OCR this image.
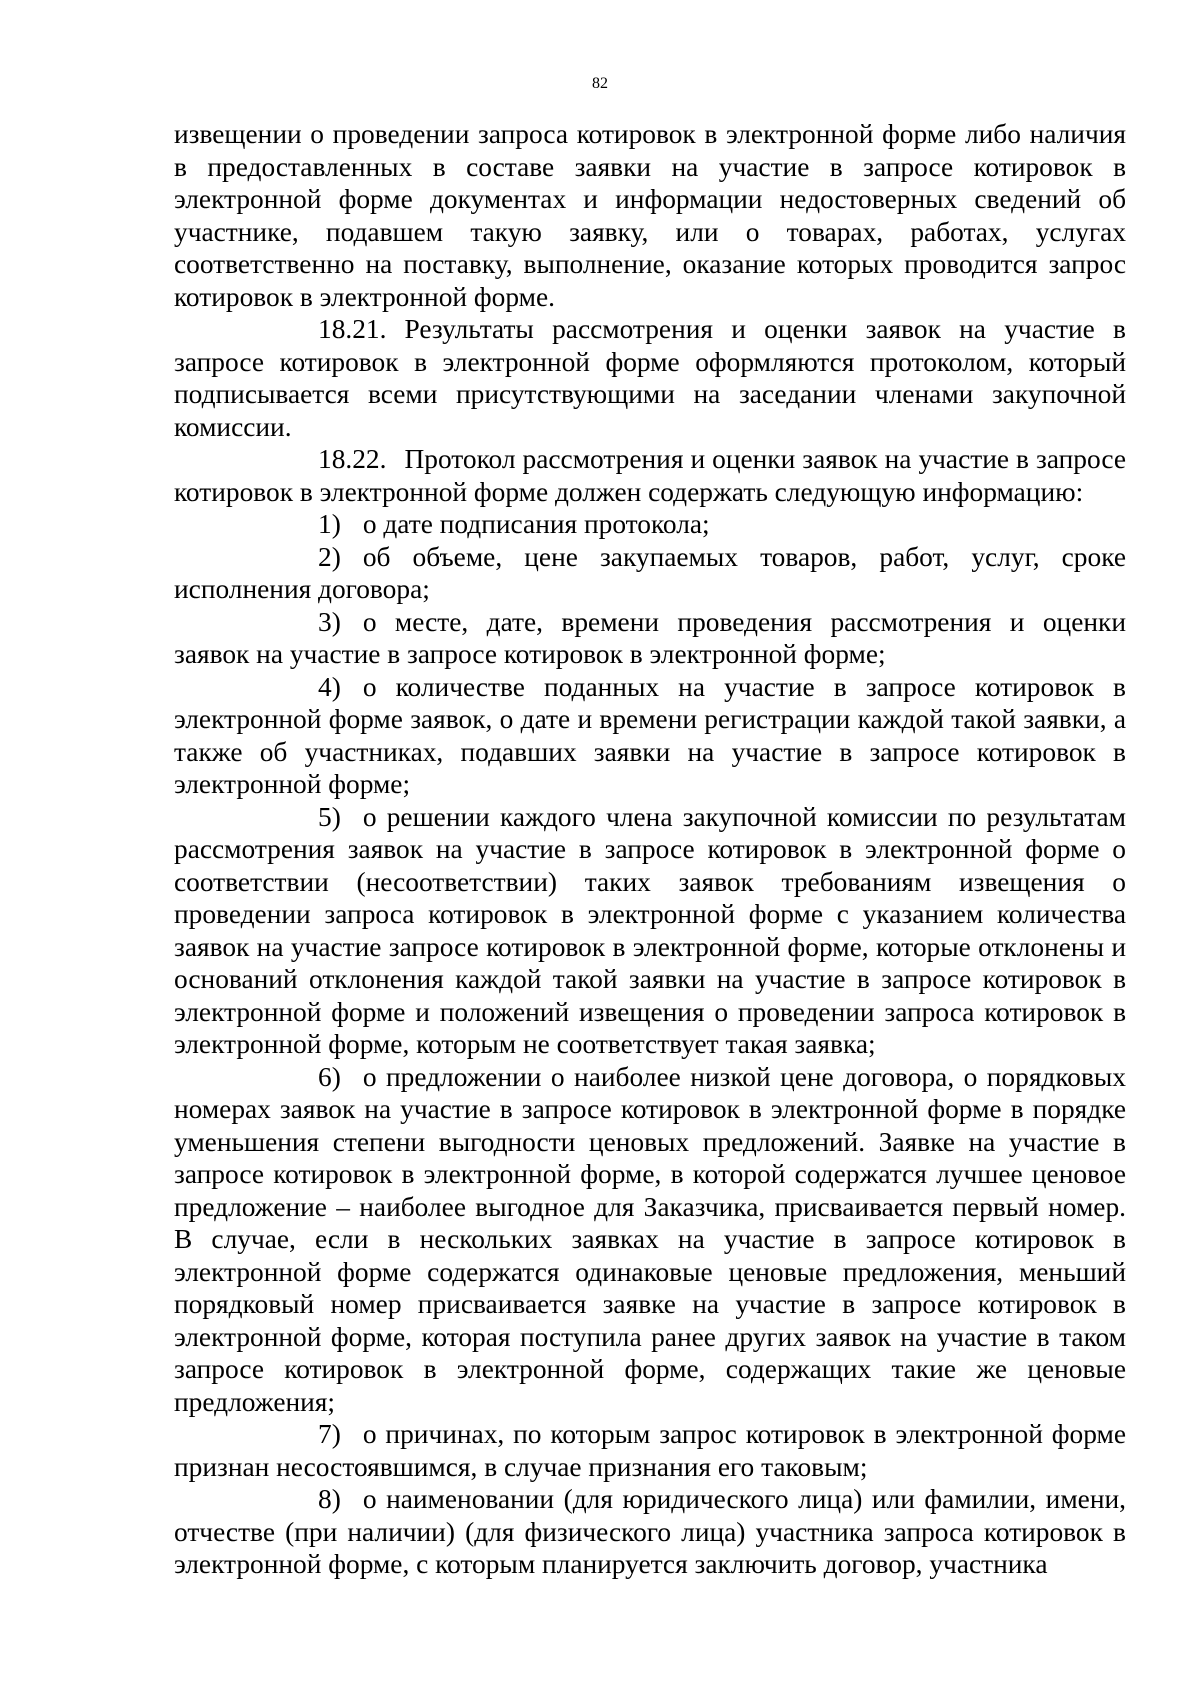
82

извещении о проведении запроса котировок в электронной форме либо наличия в предоставленных в составе заявки на участие в запросе котировок в электронной форме документах и информации недостоверных сведений об участнике, подавшем такую заявку, или о товарах, работах, услугах соответственно на поставку, выполнение, оказание которых проводится запрос котировок в электронной форме.

18.21. Результаты рассмотрения и оценки заявок на участие в запросе котировок в электронной форме оформляются протоколом, который подписывается всеми присутствующими на заседании членами закупочной комиссии.

18.22. Протокол рассмотрения и оценки заявок на участие в запросе котировок в электронной форме должен содержать следующую информацию:

1) о дате подписания протокола;

2) об объеме, цене закупаемых товаров, работ, услуг, сроке исполнения договора;

3) о месте, дате, времени проведения рассмотрения и оценки заявок на участие в запросе котировок в электронной форме;

4) о количестве поданных на участие в запросе котировок в электронной форме заявок, о дате и времени регистрации каждой такой заявки, а также об участниках, подавших заявки на участие в запросе котировок в электронной форме;

5) о решении каждого члена закупочной комиссии по результатам рассмотрения заявок на участие в запросе котировок в электронной форме о соответствии (несоответствии) таких заявок требованиям извещения о проведении запроса котировок в электронной форме с указанием количества заявок на участие запросе котировок в электронной форме, которые отклонены и оснований отклонения каждой такой заявки на участие в запросе котировок в электронной форме и положений извещения о проведении запроса котировок в электронной форме, которым не соответствует такая заявка;

6) о предложении о наиболее низкой цене договора, о порядковых номерах заявок на участие в запросе котировок в электронной форме в порядке уменьшения степени выгодности ценовых предложений. Заявке на участие в запросе котировок в электронной форме, в которой содержатся лучшее ценовое предложение – наиболее выгодное для Заказчика, присваивается первый номер. В случае, если в нескольких заявках на участие в запросе котировок в электронной форме содержатся одинаковые ценовые предложения, меньший порядковый номер присваивается заявке на участие в запросе котировок в электронной форме, которая поступила ранее других заявок на участие в таком запросе котировок в электронной форме, содержащих такие же ценовые предложения;

7) о причинах, по которым запрос котировок в электронной форме признан несостоявшимся, в случае признания его таковым;

8) о наименовании (для юридического лица) или фамилии, имени, отчестве (при наличии) (для физического лица) участника запроса котировок в электронной форме, с которым планируется заключить договор, участника
